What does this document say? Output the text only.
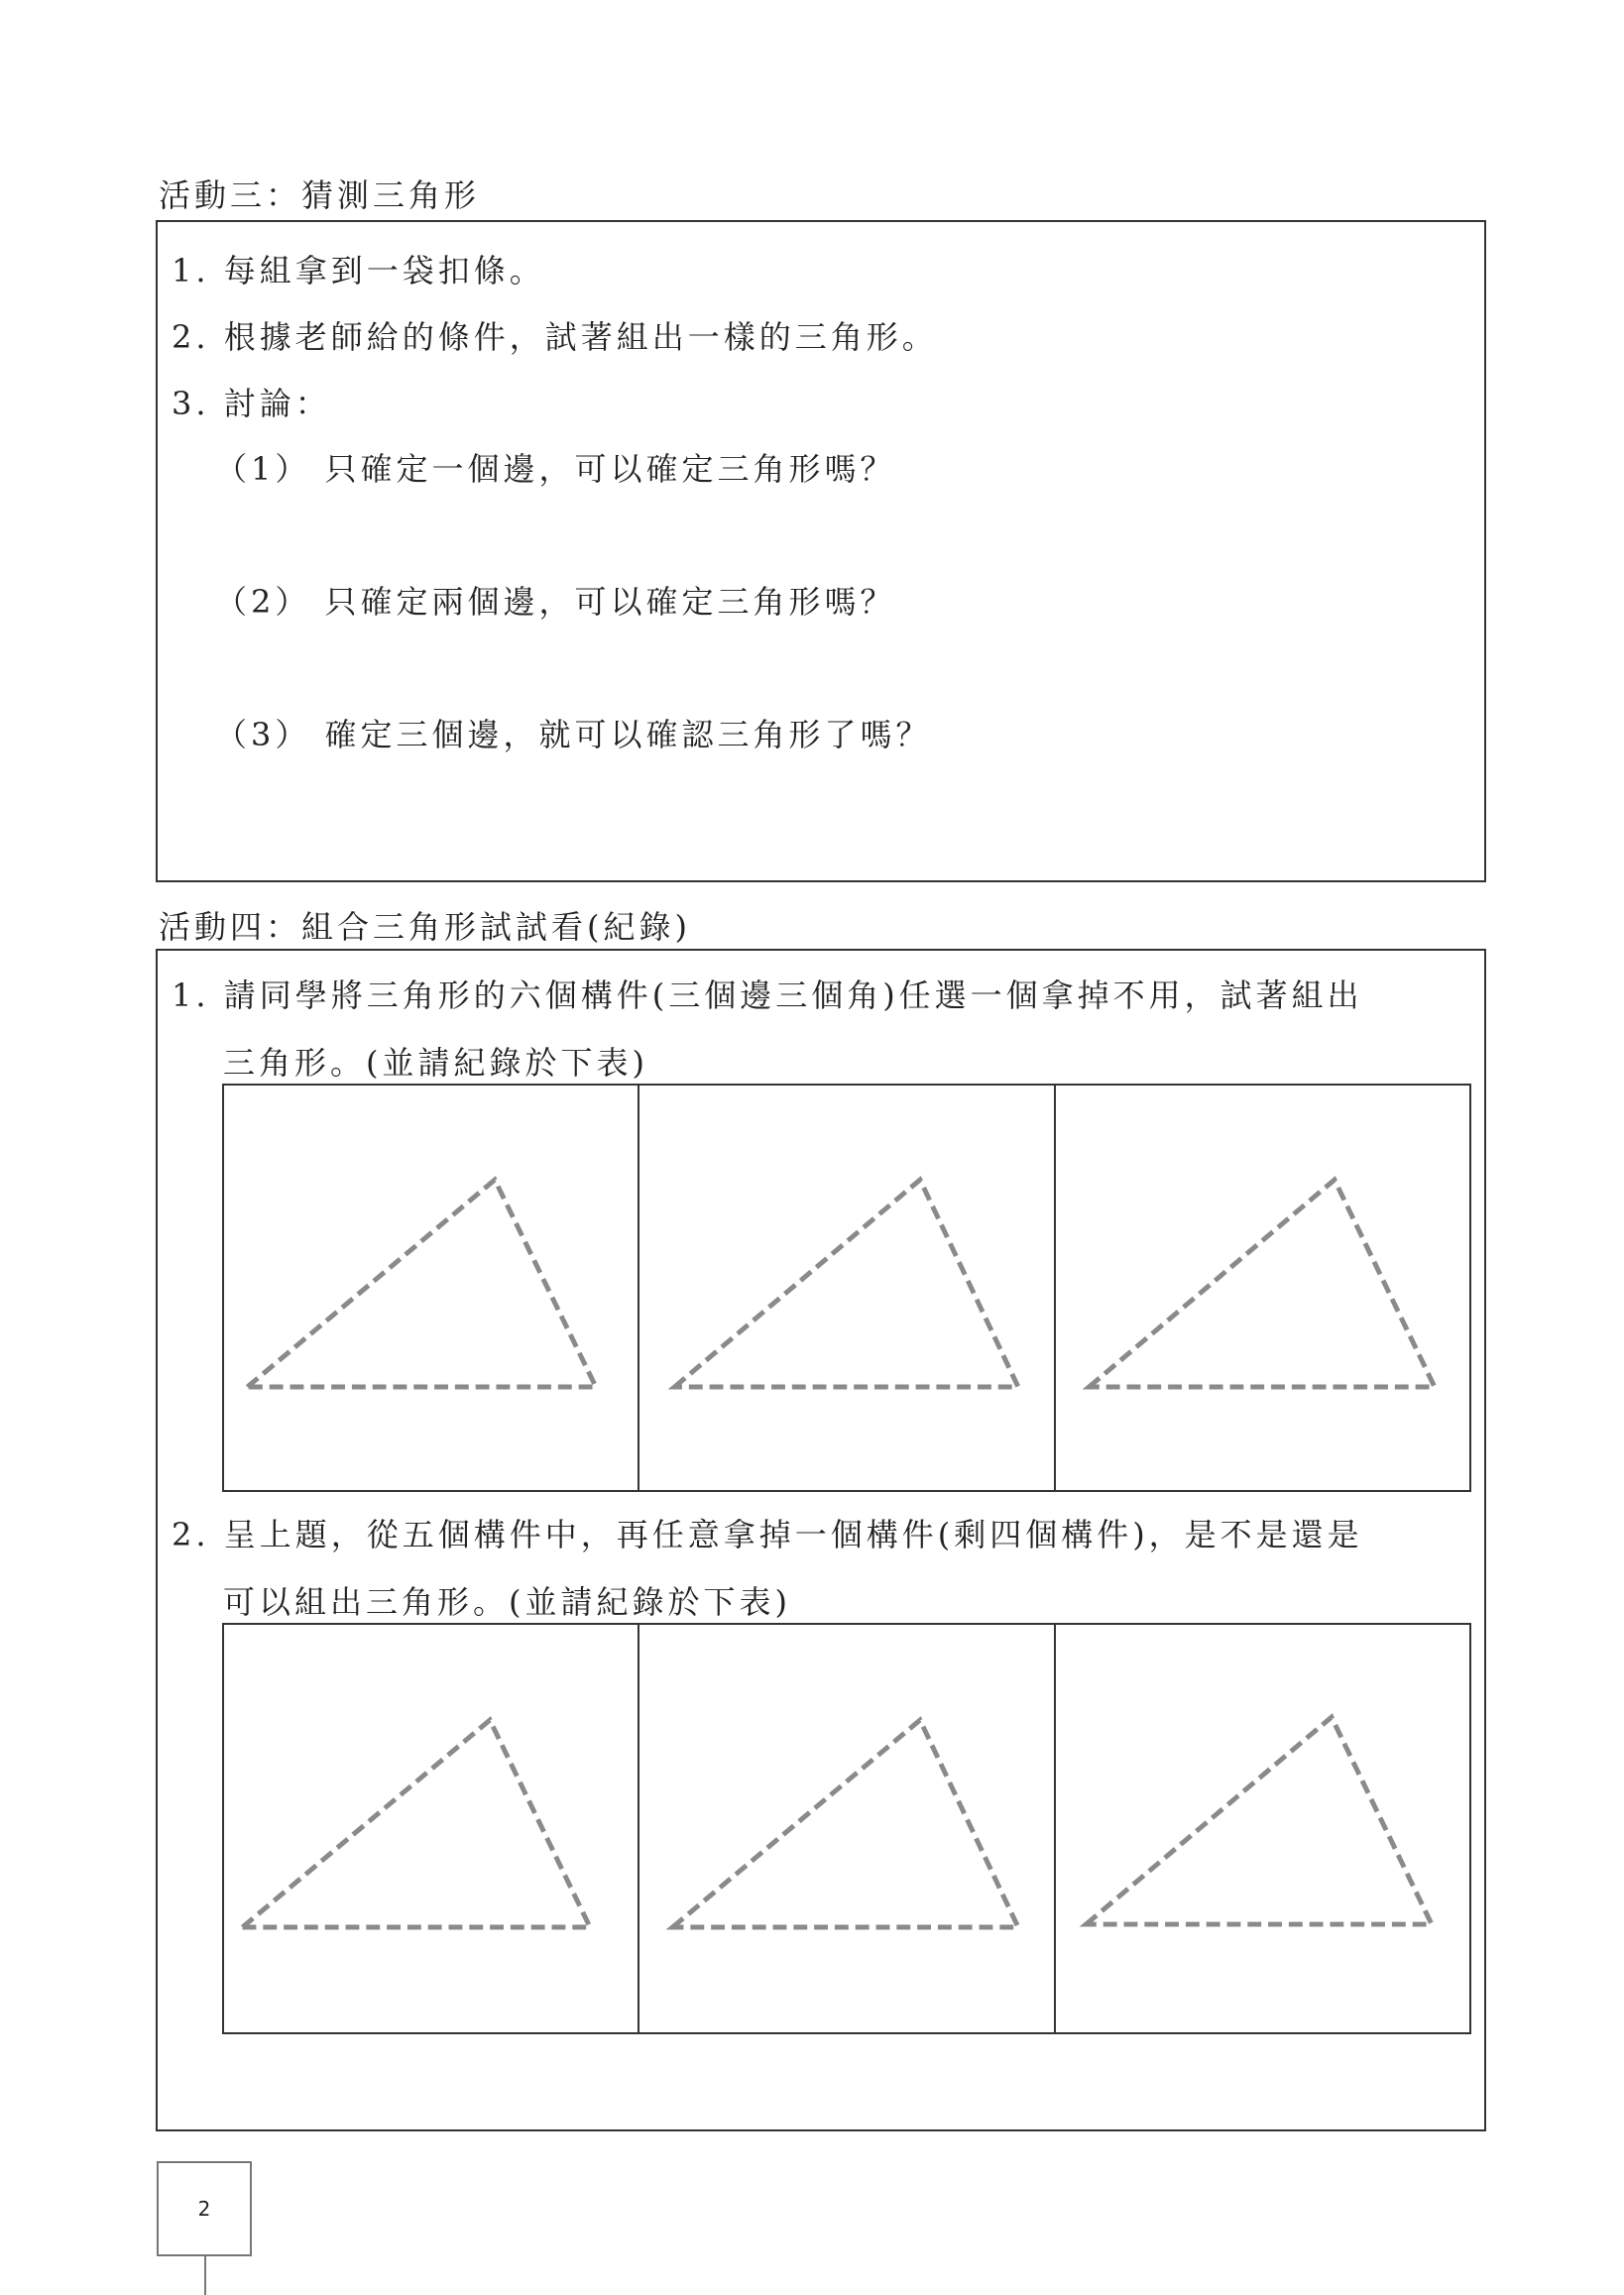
活動三：猜測三角形
1. 每組拿到一袋扣條。
2. 根據老師給的條件，試著組出一樣的三角形。
3. 討論：
（1） 只確定一個邊，可以確定三角形嗎？
（2） 只確定兩個邊，可以確定三角形嗎？
（3） 確定三個邊，就可以確認三角形了嗎？
活動四：組合三角形試試看(紀錄)
1. 請同學將三角形的六個構件(三個邊三個角)任選一個拿掉不用，試著組出
三角形。(並請紀錄於下表)
2. 呈上題，從五個構件中，再任意拿掉一個構件(剩四個構件)，是不是還是
可以組出三角形。(並請紀錄於下表)
2
